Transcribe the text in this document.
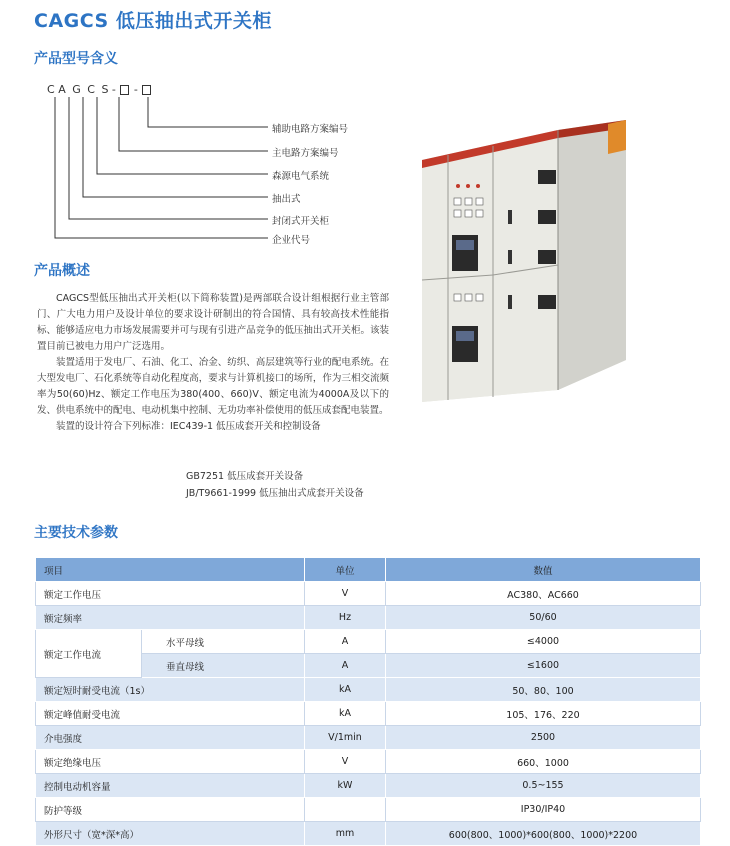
CAGCS 低压抽出式开关柜
产品型号含义
C A G C S - -
辅助电路方案编号
主电路方案编号
森源电气系统
抽出式
封闭式开关柜
企业代号
产品概述

CAGCS型低压抽出式开关柜(以下简称装置)是两部联合设计组根据行业主管部门、广大电力用户及设计单位的要求设计研制出的符合国情、具有较高技术性能指标、能够适应电力市场发展需要并可与现有引进产品竞争的低压抽出式开关柜。该装置目前已被电力用户广泛选用。

装置适用于发电厂、石油、化工、冶金、纺织、高层建筑等行业的配电系统。在大型发电厂、石化系统等自动化程度高，要求与计算机接口的场所，作为三相交流频率为50(60)Hz、额定工作电压为380(400、660)V、额定电流为4000A及以下的发、供电系统中的配电、电动机集中控制、无功功率补偿使用的低压成套配电装置。

装置的设计符合下列标准：IEC439-1 低压成套开关和控制设备

GB7251 低压成套开关设备
JB/T9661-1999 低压抽出式成套开关设备
主要技术参数
项目		单位	数值
额定工作电压		V	AC380、AC660
额定频率		Hz	50/60
额定工作电流	水平母线	A	≤4000
	垂直母线	A	≤1600
额定短时耐受电流（1s）		kA	50、80、100
额定峰值耐受电流		kA	105、176、220
介电强度		V/1min	2500
额定绝缘电压		V	660、1000
控制电动机容量		kW	0.5~155
防护等级			IP30/IP40
外形尺寸（宽*深*高）		mm	600(800、1000)*600(800、1000)*2200
